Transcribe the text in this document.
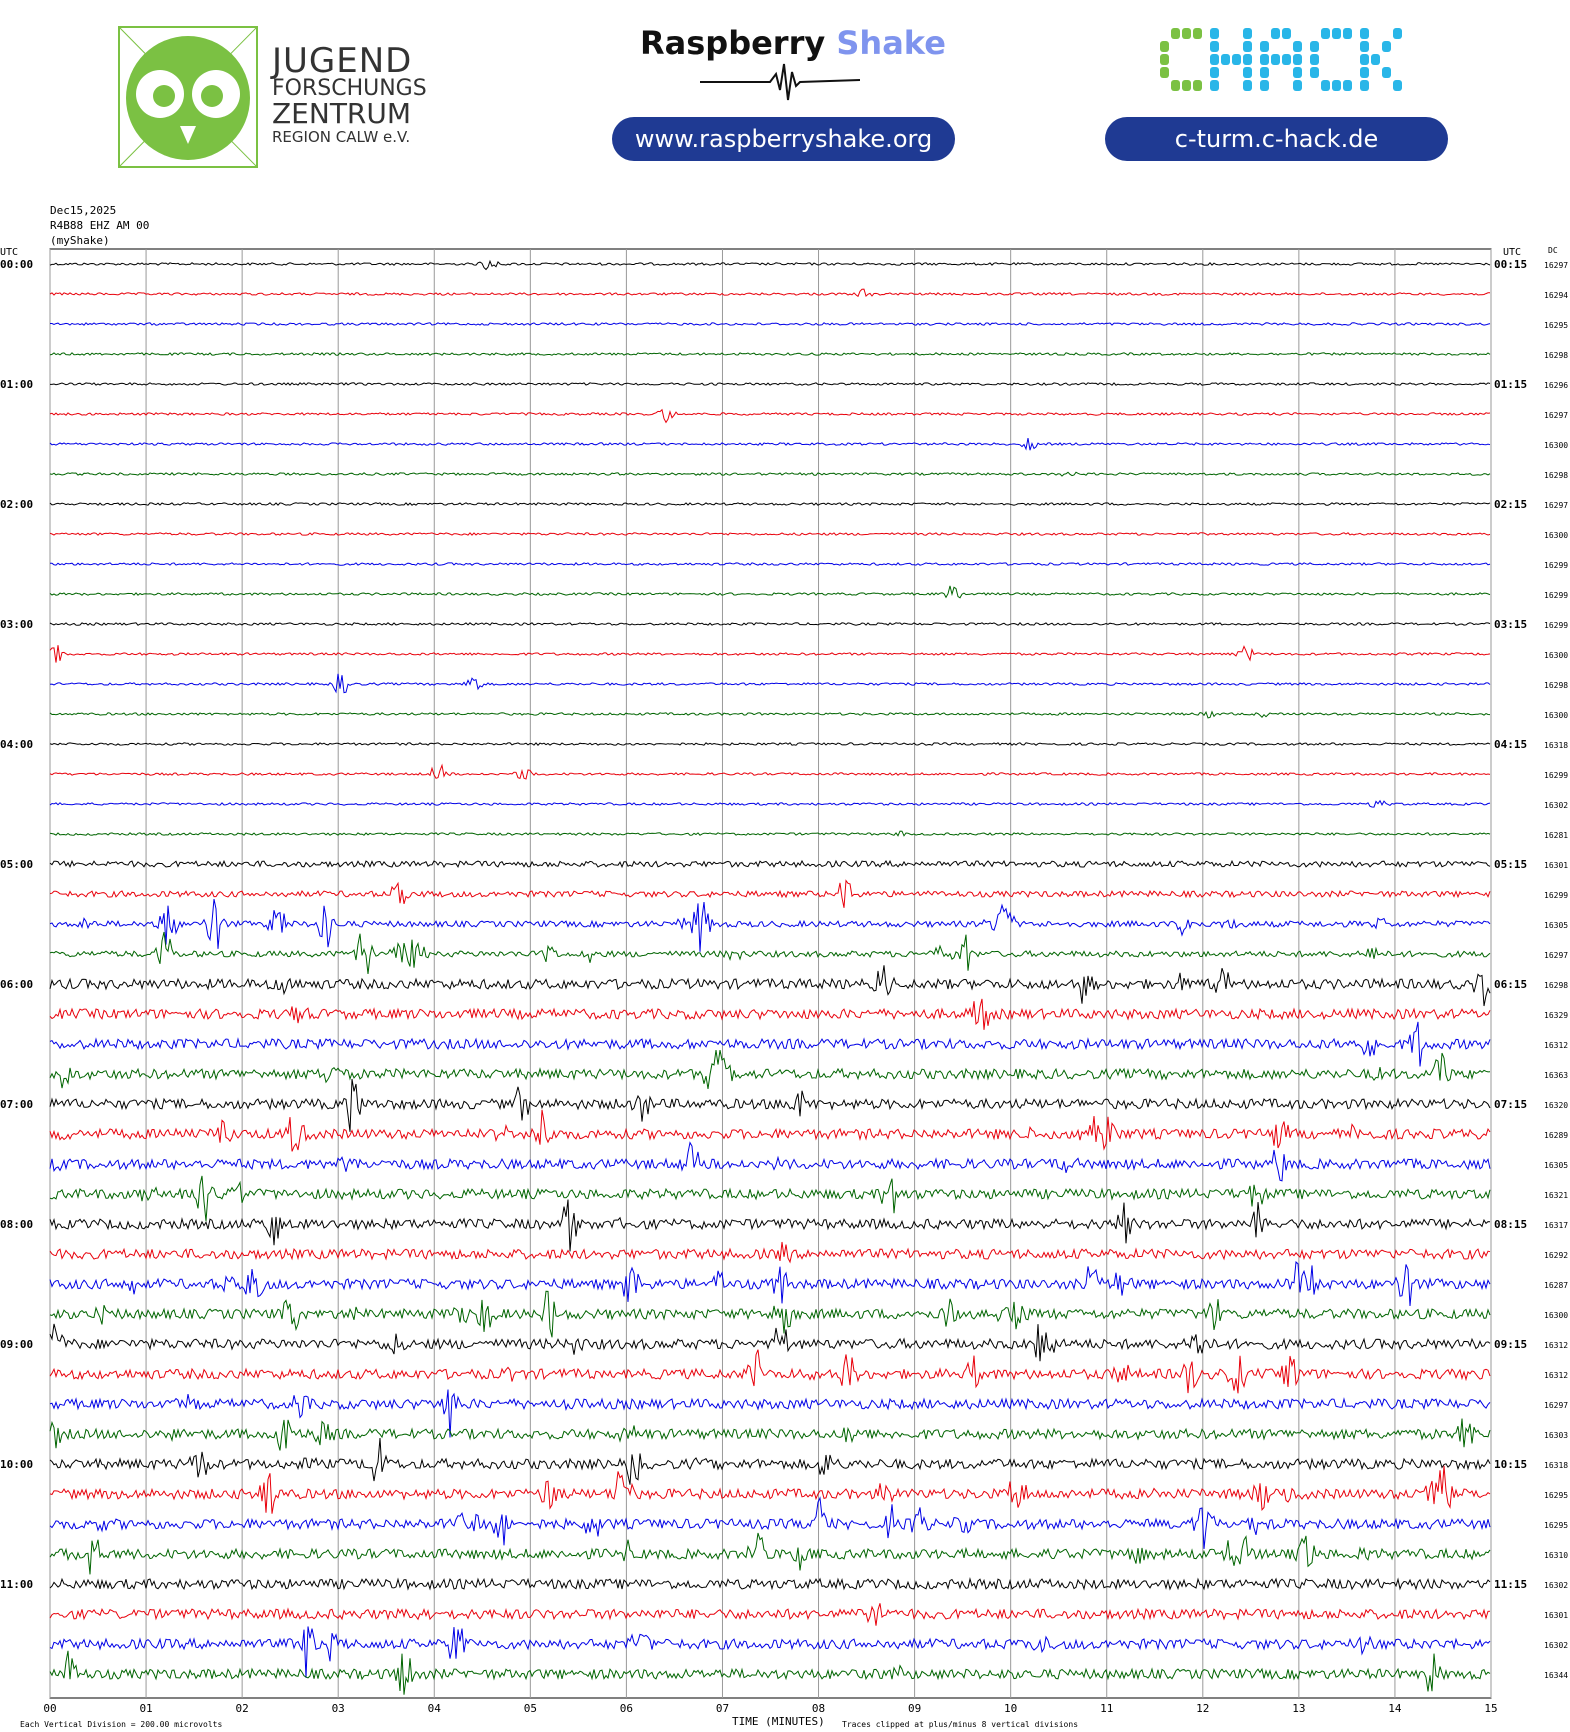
JUGEND
FORSCHUNGS
ZENTRUM
REGION CALW e.V.
Raspberry Shake
www.raspberryshake.org	c-turm.c-hack.de
Dec15,2025
R4B88 EHZ AM 00
(myShake)
00	01	02	03	04	05	06	07	08	09	10	11	12	13	14	15
UTC	UTC	DC
16297
00:00	00:15
16294
16295
16298
16296
01:00	01:15
16297
16300
16298
16297
02:00	02:15
16300
16299
16299
16299
03:00	03:15
16300
16298
16300
16318
04:00	04:15
16299
16302
16281
16301
05:00	05:15
16299
16305
16297
16298
06:00	06:15
16329
16312
16363
16320
07:00	07:15
16289
16305
16321
16317
08:00	08:15
16292
16287
16300
16312
09:00	09:15
16312
16297
16303
16318
10:00	10:15
16295
16295
16310
16302
11:00	11:15
16301
16302
16344
Each Vertical Division = 200.00 microvolts	TIME (MINUTES) Traces clipped at plus/minus 8 vertical divisions
